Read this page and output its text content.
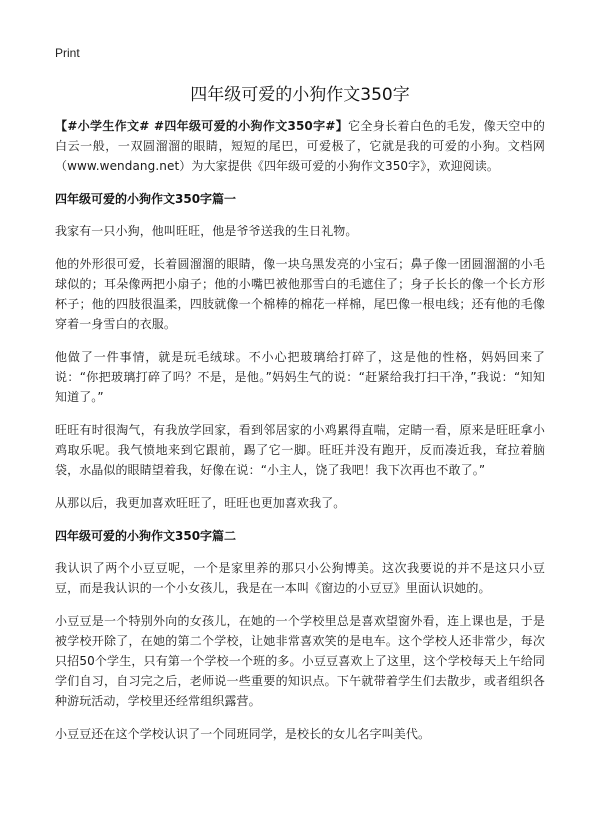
Print
四年级可爱的小狗作文350字

【#小学生作文# #四年级可爱的小狗作文350字#】它全身长着白色的毛发，像天空中的白云一般，一双圆溜溜的眼睛，短短的尾巴，可爱极了，它就是我的可爱的小狗。文档网（www.wendang.net）为大家提供《四年级可爱的小狗作文350字》，欢迎阅读。

四年级可爱的小狗作文350字篇一

我家有一只小狗，他叫旺旺，他是爷爷送我的生日礼物。

他的外形很可爱，长着圆溜溜的眼睛，像一块乌黑发亮的小宝石；鼻子像一团圆溜溜的小毛球似的；耳朵像两把小扇子；他的小嘴巴被他那雪白的毛遮住了；身子长长的像一个长方形杯子；他的四肢很温柔，四肢就像一个棉棒的棉花一样棉，尾巴像一根电线；还有他的毛像穿着一身雪白的衣服。

他做了一件事情，就是玩毛绒球。不小心把玻璃给打碎了，这是他的性格，妈妈回来了说：“你把玻璃打碎了吗？不是，是他。”妈妈生气的说：“赶紧给我打扫干净，”我说：“知知知道了。”

旺旺有时很淘气，有我放学回家，看到邻居家的小鸡累得直喘，定睛一看，原来是旺旺拿小鸡取乐呢。我气愤地来到它跟前，踢了它一脚。旺旺并没有跑开，反而凑近我，耷拉着脑袋，水晶似的眼睛望着我，好像在说：“小主人，饶了我吧！我下次再也不敢了。”

从那以后，我更加喜欢旺旺了，旺旺也更加喜欢我了。

四年级可爱的小狗作文350字篇二

我认识了两个小豆豆呢，一个是家里养的那只小公狗博美。这次我要说的并不是这只小豆豆，而是我认识的一个小女孩儿，我是在一本叫《窗边的小豆豆》里面认识她的。

小豆豆是一个特别外向的女孩儿，在她的一个学校里总是喜欢望窗外看，连上课也是，于是被学校开除了，在她的第二个学校，让她非常喜欢笑的是电车。这个学校人还非常少，每次只招50个学生，只有第一个学校一个班的多。小豆豆喜欢上了这里，这个学校每天上午给同学们自习，自习完之后，老师说一些重要的知识点。下午就带着学生们去散步，或者组织各种游玩活动，学校里还经常组织露营。

小豆豆还在这个学校认识了一个同班同学，是校长的女儿名字叫美代。
